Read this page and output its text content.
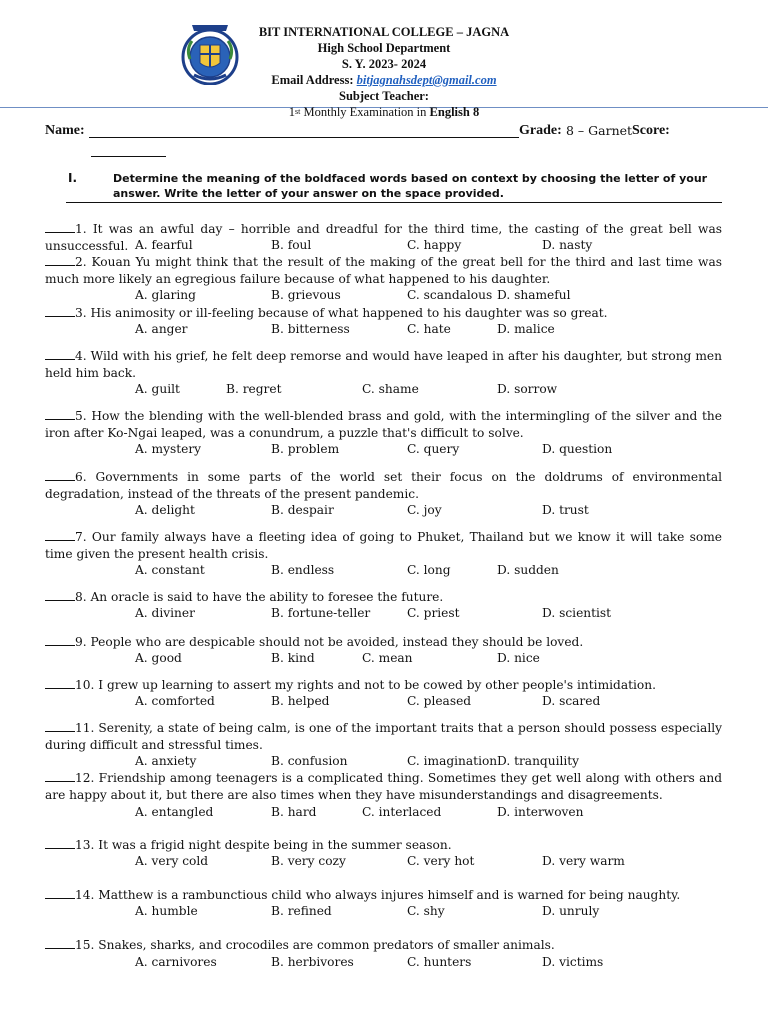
BIT INTERNATIONAL COLLEGE – JAGNA
High School Department
S. Y. 2023- 2024
Email Address: bitjagnahsdept@gmail.com
Subject Teacher:
1st Monthly Examination in English 8
Name:	Grade: 8 – Garnet Score:
I.	Determine the meaning of the boldfaced words based on context by choosing the letter of your answer. Write the letter of your answer on the space provided.
1. It was an awful day – horrible and dreadful for the third time, the casting of the great bell was unsuccessful. A. fearful	B. foul	C. happy	D. nasty
2. Kouan Yu might think that the result of the making of the great bell for the third and last time was much more likely an egregious failure because of what happened to his daughter.
A. glaring	B. grievous	C. scandalous D. shameful
3. His animosity or ill-feeling because of what happened to his daughter was so great.
A. anger	B. bitterness	C. hate	D. malice
4. Wild with his grief, he felt deep remorse and would have leaped in after his daughter, but strong men held him back.
A. guilt	B. regret	C. shame	D. sorrow
5. How the blending with the well-blended brass and gold, with the intermingling of the silver and the iron after Ko-Ngai leaped, was a conundrum, a puzzle that's difficult to solve.
A. mystery	B. problem	C. query	D. question
6. Governments in some parts of the world set their focus on the doldrums of environmental degradation, instead of the threats of the present pandemic.
A. delight	B. despair	C. joy	D. trust
7. Our family always have a fleeting idea of going to Phuket, Thailand but we know it will take some time given the present health crisis.
A. constant	B. endless	C. long	D. sudden
8. An oracle is said to have the ability to foresee the future.
A. diviner	B. fortune-teller	C. priest	D. scientist
9. People who are despicable should not be avoided, instead they should be loved.
A. good	B. kind	C. mean	D. nice
10. I grew up learning to assert my rights and not to be cowed by other people's intimidation.
A. comforted	B. helped	C. pleased	D. scared
11. Serenity, a state of being calm, is one of the important traits that a person should possess especially during difficult and stressful times.
A. anxiety	B. confusion	C. imagination D. tranquility
12. Friendship among teenagers is a complicated thing. Sometimes they get well along with others and are happy about it, but there are also times when they have misunderstandings and disagreements.
A. entangled	B. hard	C. interlaced	D. interwoven
13. It was a frigid night despite being in the summer season.
A. very cold	B. very cozy	C. very hot	D. very warm
14. Matthew is a rambunctious child who always injures himself and is warned for being naughty.
A. humble	B. refined	C. shy	D. unruly
15. Snakes, sharks, and crocodiles are common predators of smaller animals.
A. carnivores	B. herbivores	C. hunters	D. victims
